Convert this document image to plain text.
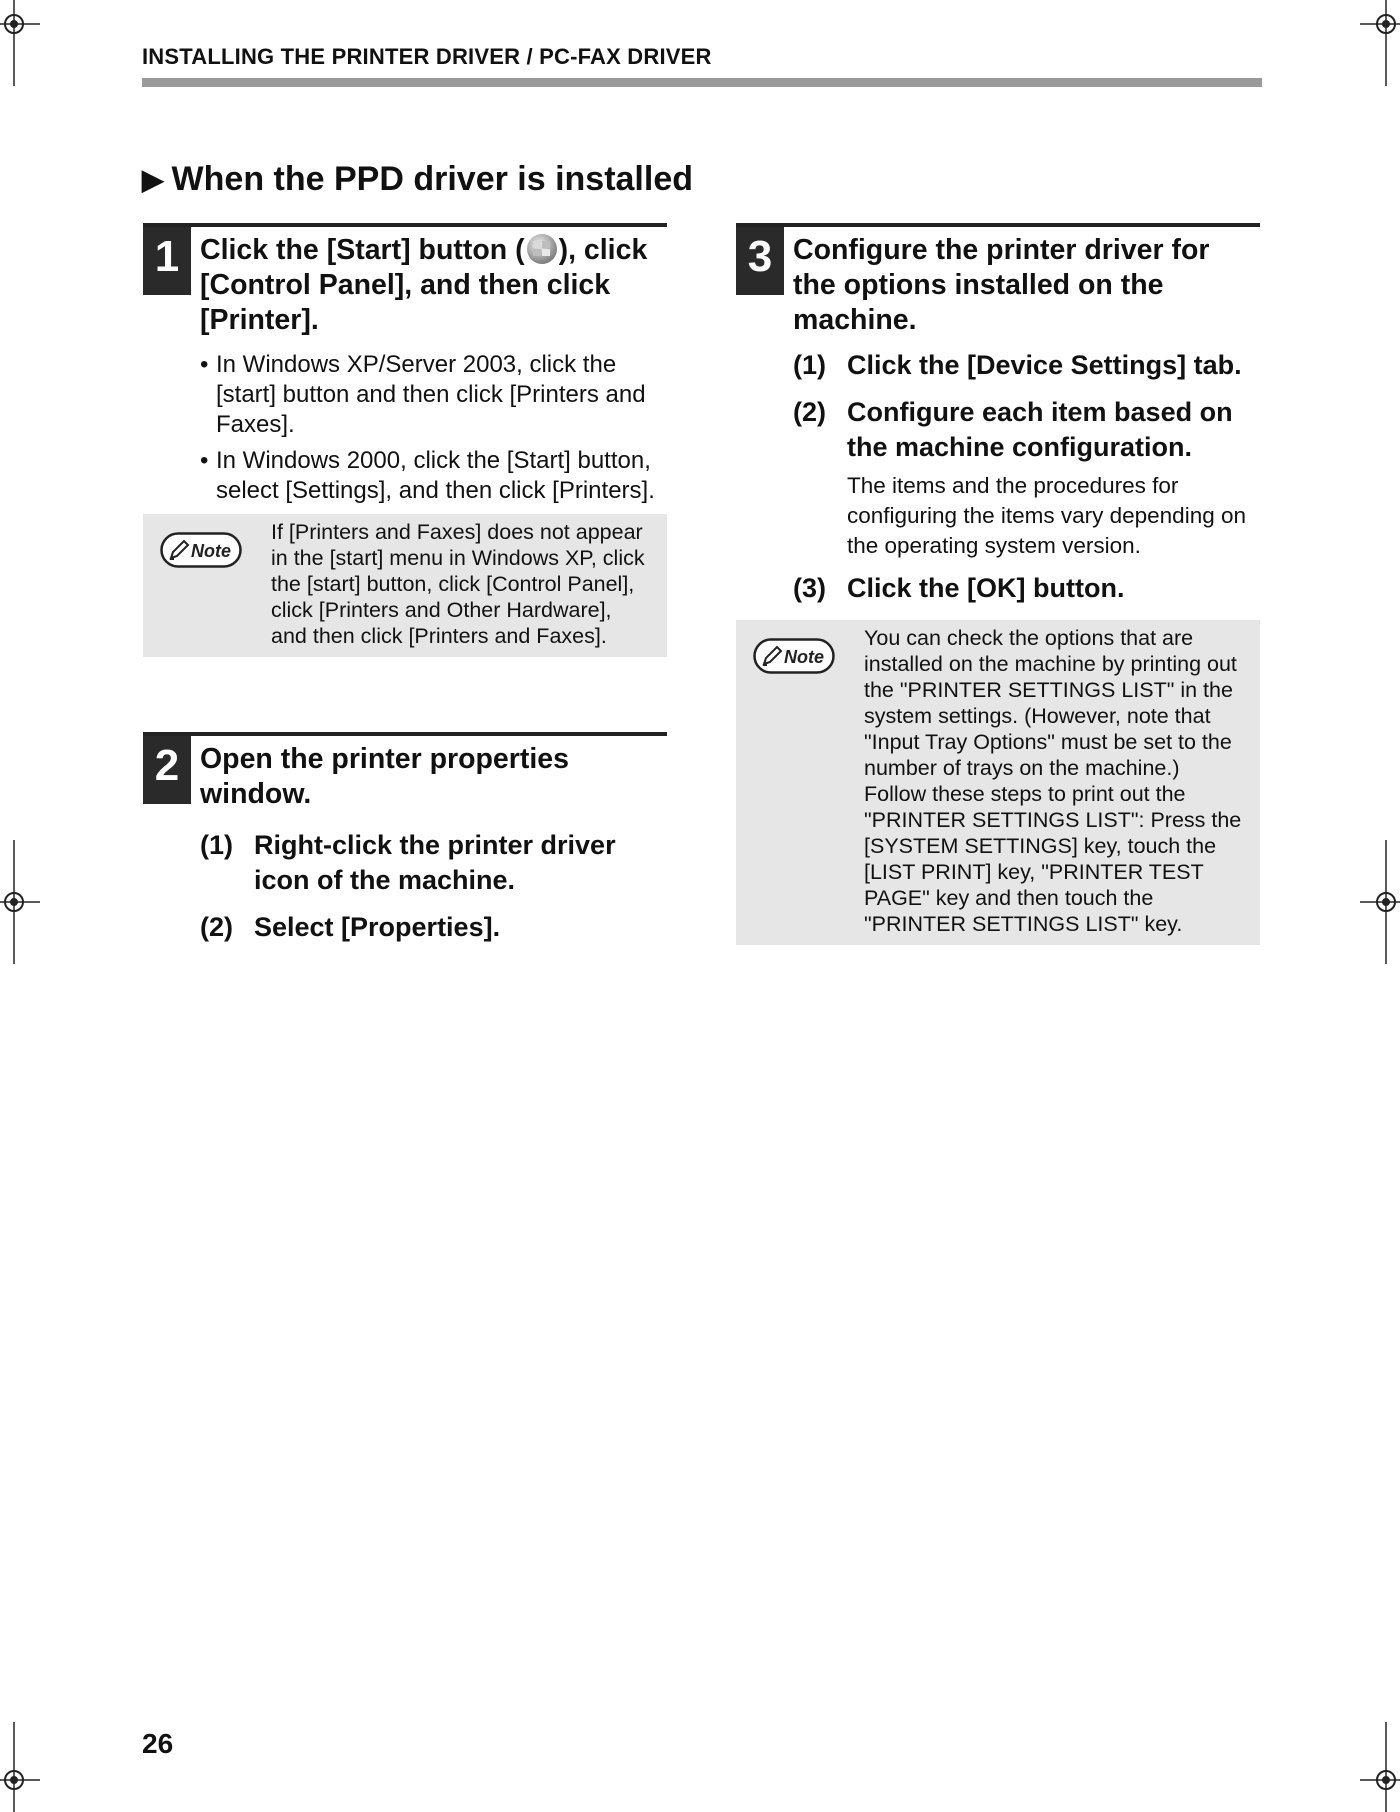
INSTALLING THE PRINTER DRIVER / PC-FAX DRIVER
▶ When the PPD driver is installed
1 Click the [Start] button ( ), click [Control Panel], and then click [Printer].
• In Windows XP/Server 2003, click the [start] button and then click [Printers and Faxes].
• In Windows 2000, click the [Start] button, select [Settings], and then click [Printers].
Note
If [Printers and Faxes] does not appear in the [start] menu in Windows XP, click the [start] button, click [Control Panel], click [Printers and Other Hardware], and then click [Printers and Faxes].
2 Open the printer properties window.
(1) Right-click the printer driver icon of the machine.
(2) Select [Properties].
3 Configure the printer driver for the options installed on the machine.
(1) Click the [Device Settings] tab.
(2) Configure each item based on the machine configuration.
The items and the procedures for configuring the items vary depending on the operating system version.
(3) Click the [OK] button.
Note
You can check the options that are installed on the machine by printing out the "PRINTER SETTINGS LIST" in the system settings. (However, note that "Input Tray Options" must be set to the number of trays on the machine.) Follow these steps to print out the "PRINTER SETTINGS LIST": Press the [SYSTEM SETTINGS] key, touch the [LIST PRINT] key, "PRINTER TEST PAGE" key and then touch the "PRINTER SETTINGS LIST" key.
26
